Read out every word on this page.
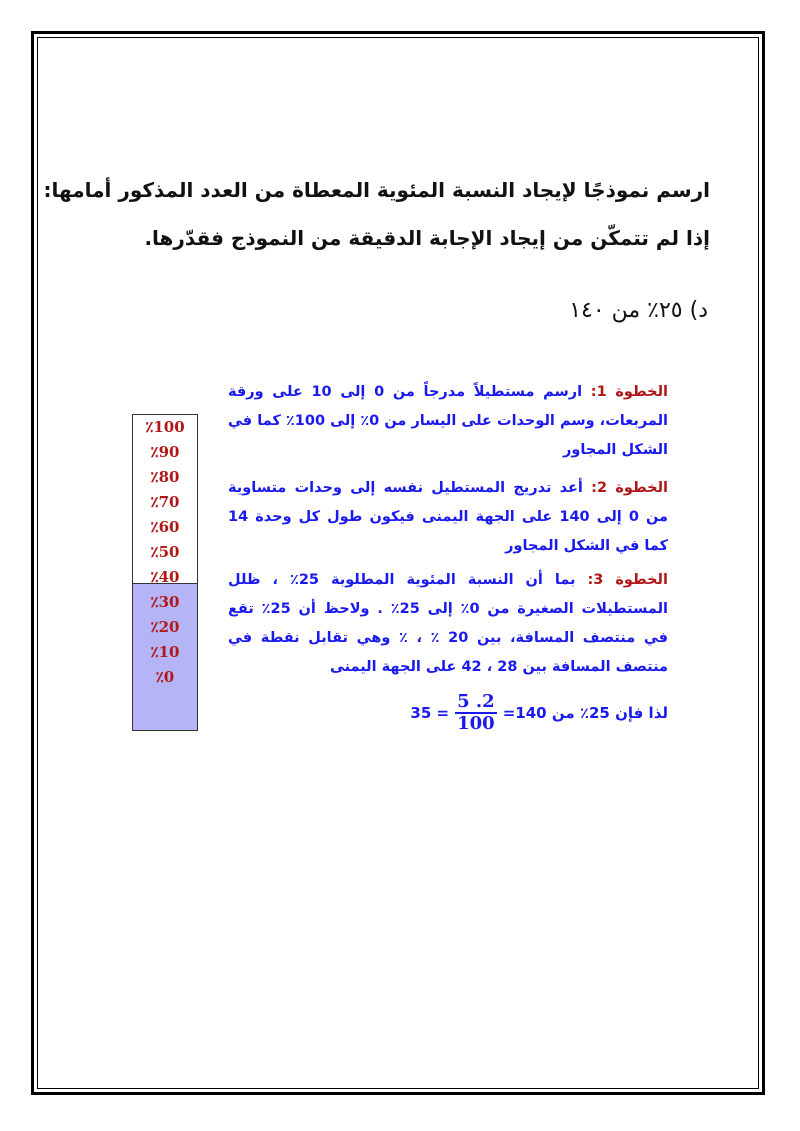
ارسم نموذجًا لإيجاد النسبة المئوية المعطاة من العدد المذكور أمامها:
إذا لم تتمكّن من إيجاد الإجابة الدقيقة من النموذج فقدّرها.
د) ٢٥٪ من ١٤٠
الخطوة 1: ارسم مستطيلاً مدرجاً من 0 إلى 10 على ورقة المربعات، وسم الوحدات على اليسار من 0٪ إلى 100٪ كما في الشكل المجاور
الخطوة 2: أعد تدريج المستطيل نفسه إلى وحدات متساوية من 0 إلى 140 على الجهة اليمنى فيكون طول كل وحدة 14 كما في الشكل المجاور
الخطوة 3: بما أن النسبة المئوية المطلوبة 25٪ ، ظلل المستطيلات الصغيرة من 0٪ إلى 25٪ . ولاحظ أن 25٪ تقع في منتصف المسافة، بين 20 ٪ ، ٪ وهي تقابل نقطة في منتصف المسافة بين 28 ، 42 على الجهة اليمنى
لذا فإن 25٪ من 140=
$\frac{2. 5}{100}$
= 35
٪100
٪90
٪80
٪70
٪60
٪50
٪40
٪30
٪20
٪10
٪0
